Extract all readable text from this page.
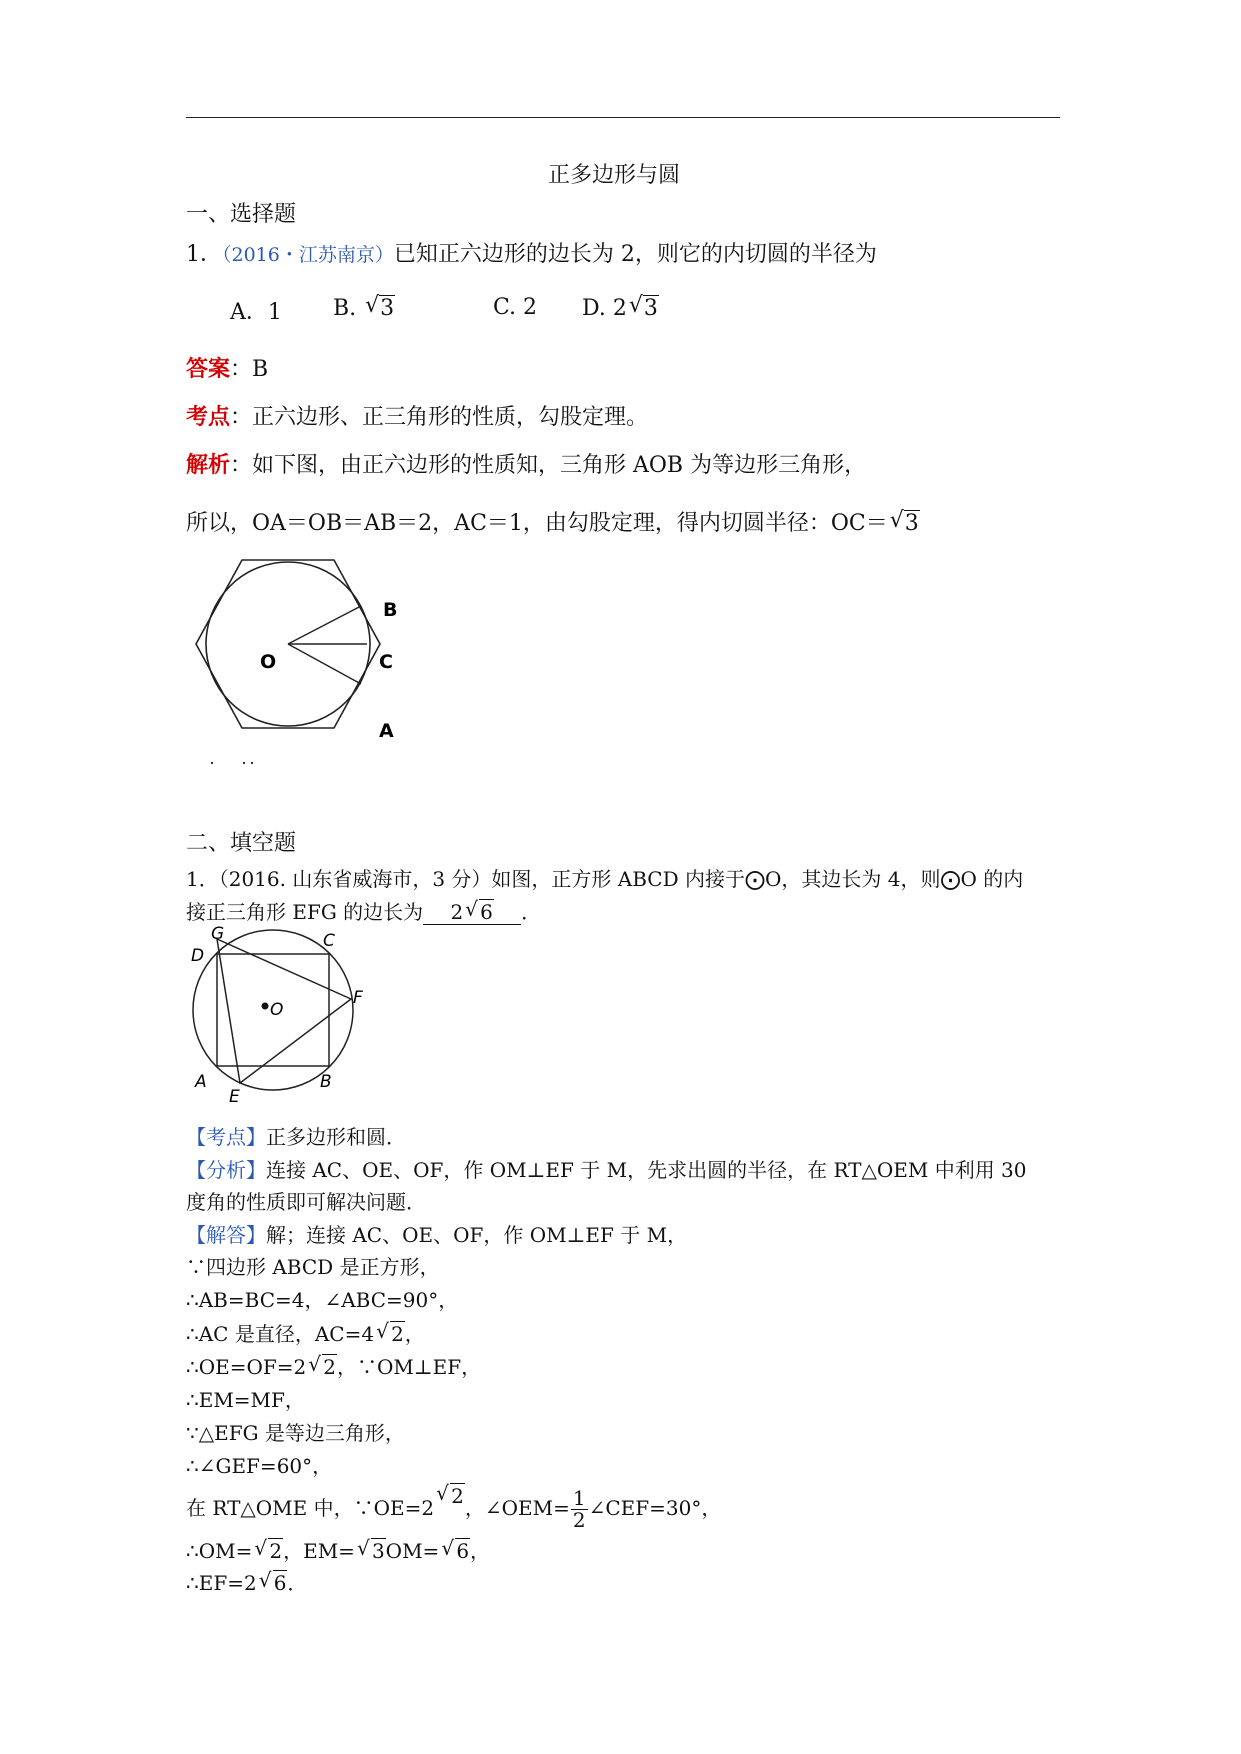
正多边形与圆
一、选择题
1．（2016・江苏南京）已知正六边形的边长为 2，则它的内切圆的半径为
A．1 B. √ 3	C. 2 D. 2 √ 3
答案：B
考点：正六边形、正三角形的性质，勾股定理。
解析：如下图，由正六边形的性质知，三角形 AOB 为等边形三角形，
所以，OA＝OB＝AB＝2，AC＝1，由勾股定理，得内切圆半径：OC＝ √ 3
B
O	C
A
二、填空题
1．（2016. 山东省威海市，3 分）如图，正方形 ABCD 内接于⨀O，其边长为 4，则⨀O 的内
接正三角形 EFG 的边长为 2 √ 6 ．
G
D
C
F
O
A
E
B
【考点】正多边形和圆．
【分析】连接 AC、OE、OF，作 OM⊥EF 于 M，先求出圆的半径，在 RT△OEM 中利用 30
度角的性质即可解决问题．
【解答】解；连接 AC、OE、OF，作 OM⊥EF 于 M，
∵四边形 ABCD 是正方形，
∴AB=BC=4，∠ABC=90°，
∴AC 是直径，AC=4 √ 2，
∴OE=OF=2 √ 2，∵OM⊥EF，
∴EM=MF，
∵△EFG 是等边三角形，
∴∠GEF=60°，
在 RT△OME 中，∵OE=2 √ 2，∠OEM= $\frac{1}{2}$ ∠CEF=30°，
∴OM= √ 2，EM= √ 3OM= √ 6，
∴EF=2 √ 6．
